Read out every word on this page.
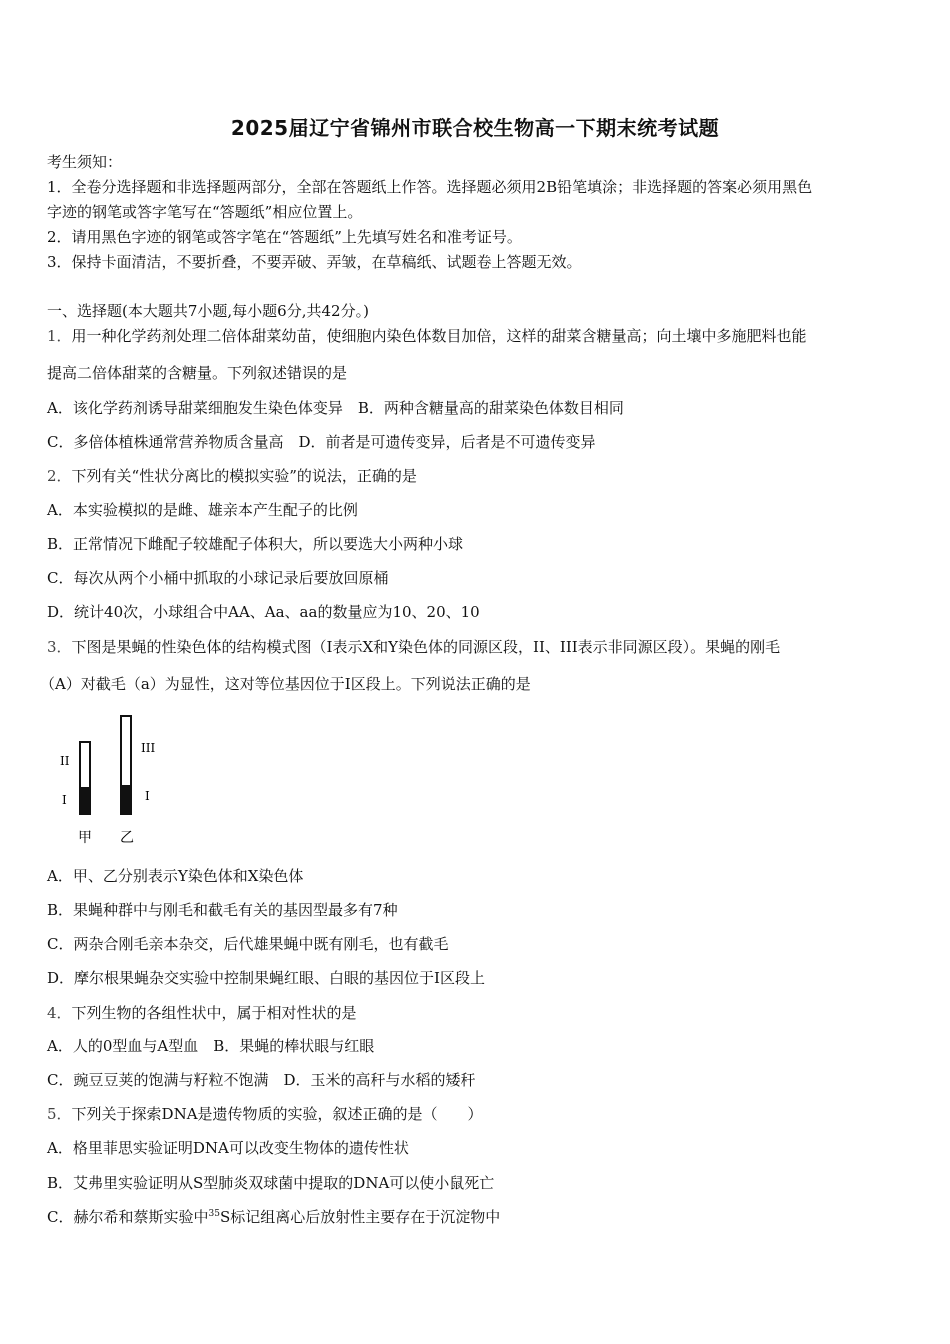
2025届辽宁省锦州市联合校生物高一下期末统考试题
考生须知：
1．全卷分选择题和非选择题两部分，全部在答题纸上作答。选择题必须用2B铅笔填涂；非选择题的答案必须用黑色
字迹的钢笔或答字笔写在“答题纸”相应位置上。
2．请用黑色字迹的钢笔或答字笔在“答题纸”上先填写姓名和准考证号。
3．保持卡面清洁，不要折叠，不要弄破、弄皱，在草稿纸、试题卷上答题无效。
一、选择题(本大题共7小题,每小题6分,共42分。)
1．用一种化学药剂处理二倍体甜菜幼苗，使细胞内染色体数目加倍，这样的甜菜含糖量高；向土壤中多施肥料也能
提高二倍体甜菜的含糖量。下列叙述错误的是
A．该化学药剂诱导甜菜细胞发生染色体变异　B．两种含糖量高的甜菜染色体数目相同
C．多倍体植株通常营养物质含量高　D．前者是可遗传变异，后者是不可遗传变异
2．下列有关“性状分离比的模拟实验”的说法，正确的是
A．本实验模拟的是雌、雄亲本产生配子的比例
B．正常情况下雌配子较雄配子体积大，所以要选大小两种小球
C．每次从两个小桶中抓取的小球记录后要放回原桶
D．统计40次，小球组合中AA、Aa、aa的数量应为10、20、10
3．下图是果蝇的性染色体的结构模式图（I表示X和Y染色体的同源区段，II、III表示非同源区段）。果蝇的刚毛
（A）对截毛（a）为显性，这对等位基因位于I区段上。下列说法正确的是
II
I
III
I
甲 乙
A．甲、乙分别表示Y染色体和X染色体
B．果蝇种群中与刚毛和截毛有关的基因型最多有7种
C．两杂合刚毛亲本杂交，后代雄果蝇中既有刚毛，也有截毛
D．摩尔根果蝇杂交实验中控制果蝇红眼、白眼的基因位于I区段上
4．下列生物的各组性状中，属于相对性状的是
A．人的0型血与A型血　B．果蝇的棒状眼与红眼
C．豌豆豆荚的饱满与籽粒不饱满　D．玉米的高秆与水稻的矮秆
5．下列关于探索DNA是遗传物质的实验，叙述正确的是（　　）
A．格里菲思实验证明DNA可以改变生物体的遗传性状
B．艾弗里实验证明从S型肺炎双球菌中提取的DNA可以使小鼠死亡
C．赫尔希和蔡斯实验中$^{35}$S标记组离心后放射性主要存在于沉淀物中
